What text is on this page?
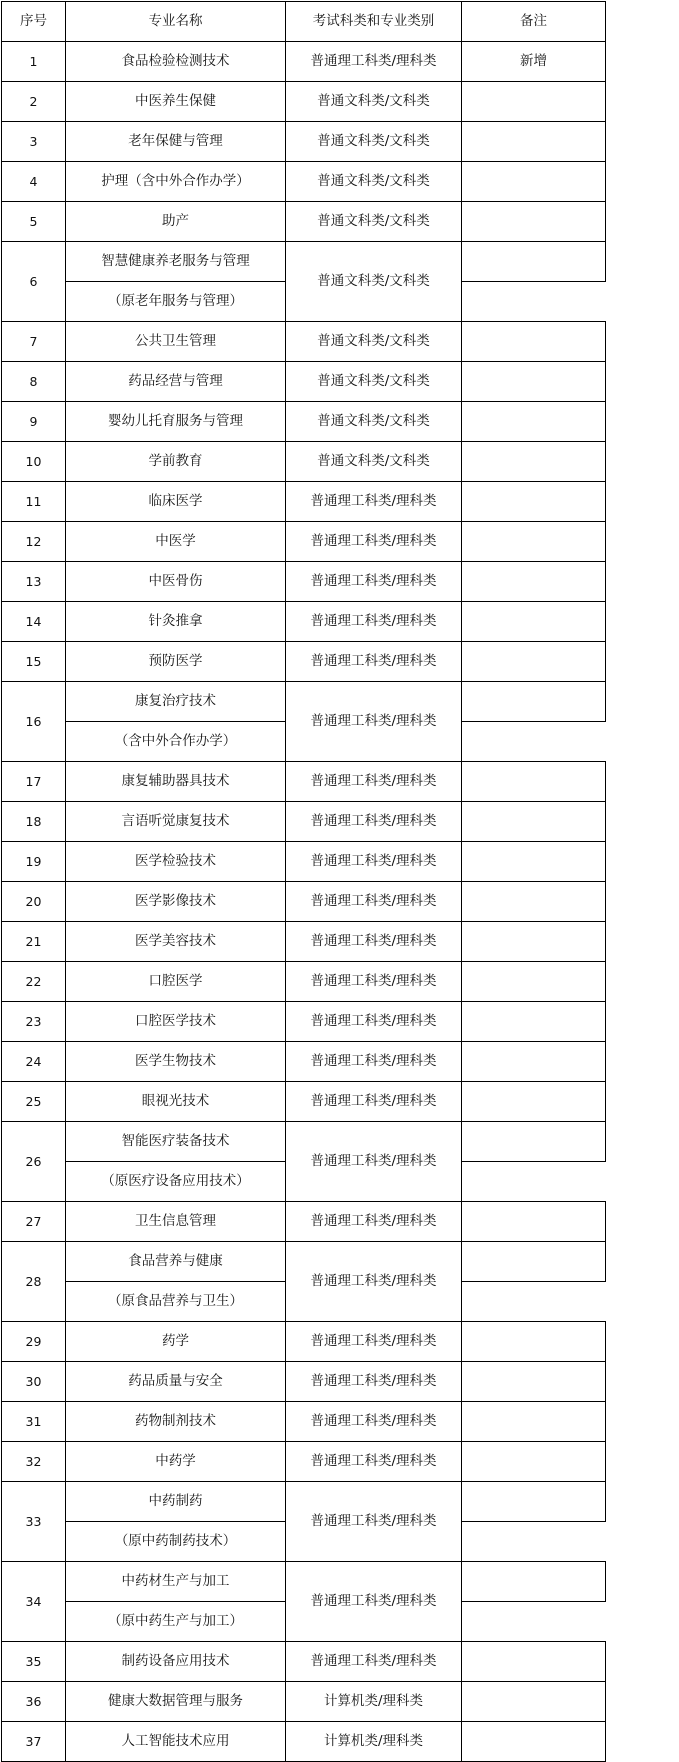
序号	专业名称	考试科类和专业类别	备注
1	食品检验检测技术	普通理工科类/理科类	新增
2	中医养生保健	普通文科类/文科类	
3	老年保健与管理	普通文科类/文科类	
4	护理（含中外合作办学）	普通文科类/文科类	
5	助产	普通文科类/文科类	
6	智慧健康养老服务与管理	普通文科类/文科类	
	（原老年服务与管理）		
7	公共卫生管理	普通文科类/文科类	
8	药品经营与管理	普通文科类/文科类	
9	婴幼儿托育服务与管理	普通文科类/文科类	
10	学前教育	普通文科类/文科类	
11	临床医学	普通理工科类/理科类	
12	中医学	普通理工科类/理科类	
13	中医骨伤	普通理工科类/理科类	
14	针灸推拿	普通理工科类/理科类	
15	预防医学	普通理工科类/理科类	
16	康复治疗技术	普通理工科类/理科类	
	（含中外合作办学）		
17	康复辅助器具技术	普通理工科类/理科类	
18	言语听觉康复技术	普通理工科类/理科类	
19	医学检验技术	普通理工科类/理科类	
20	医学影像技术	普通理工科类/理科类	
21	医学美容技术	普通理工科类/理科类	
22	口腔医学	普通理工科类/理科类	
23	口腔医学技术	普通理工科类/理科类	
24	医学生物技术	普通理工科类/理科类	
25	眼视光技术	普通理工科类/理科类	
26	智能医疗装备技术	普通理工科类/理科类	
	（原医疗设备应用技术）		
27	卫生信息管理	普通理工科类/理科类	
28	食品营养与健康	普通理工科类/理科类	
	（原食品营养与卫生）		
29	药学	普通理工科类/理科类	
30	药品质量与安全	普通理工科类/理科类	
31	药物制剂技术	普通理工科类/理科类	
32	中药学	普通理工科类/理科类	
33	中药制药	普通理工科类/理科类	
	（原中药制药技术）		
34	中药材生产与加工	普通理工科类/理科类	
	（原中药生产与加工）		
35	制药设备应用技术	普通理工科类/理科类	
36	健康大数据管理与服务	计算机类/理科类	
37	人工智能技术应用	计算机类/理科类	
